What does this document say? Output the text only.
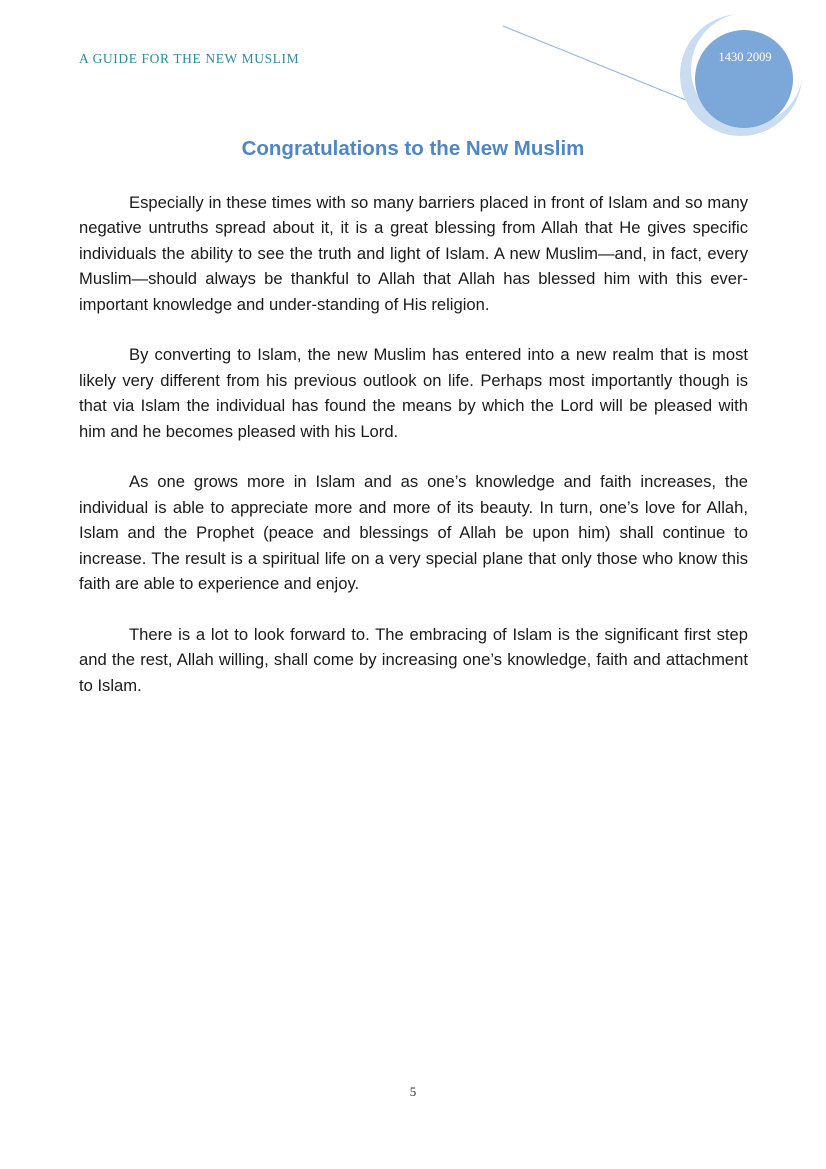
A GUIDE FOR THE NEW MUSLIM	1430 2009
Congratulations to the New Muslim

Especially in these times with so many barriers placed in front of Islam and so many negative untruths spread about it, it is a great blessing from Allah that He gives specific individuals the ability to see the truth and light of Islam. A new Muslim—and, in fact, every Muslim—should always be thankful to Allah that Allah has blessed him with this ever-important knowledge and under-standing of His religion.

By converting to Islam, the new Muslim has entered into a new realm that is most likely very different from his previous outlook on life. Perhaps most importantly though is that via Islam the individual has found the means by which the Lord will be pleased with him and he becomes pleased with his Lord.

As one grows more in Islam and as one’s knowledge and faith increases, the individual is able to appreciate more and more of its beauty. In turn, one’s love for Allah, Islam and the Prophet (peace and blessings of Allah be upon him) shall continue to increase. The result is a spiritual life on a very special plane that only those who know this faith are able to experience and enjoy.

There is a lot to look forward to. The embracing of Islam is the significant first step and the rest, Allah willing, shall come by increasing one’s knowledge, faith and attachment to Islam.

5
